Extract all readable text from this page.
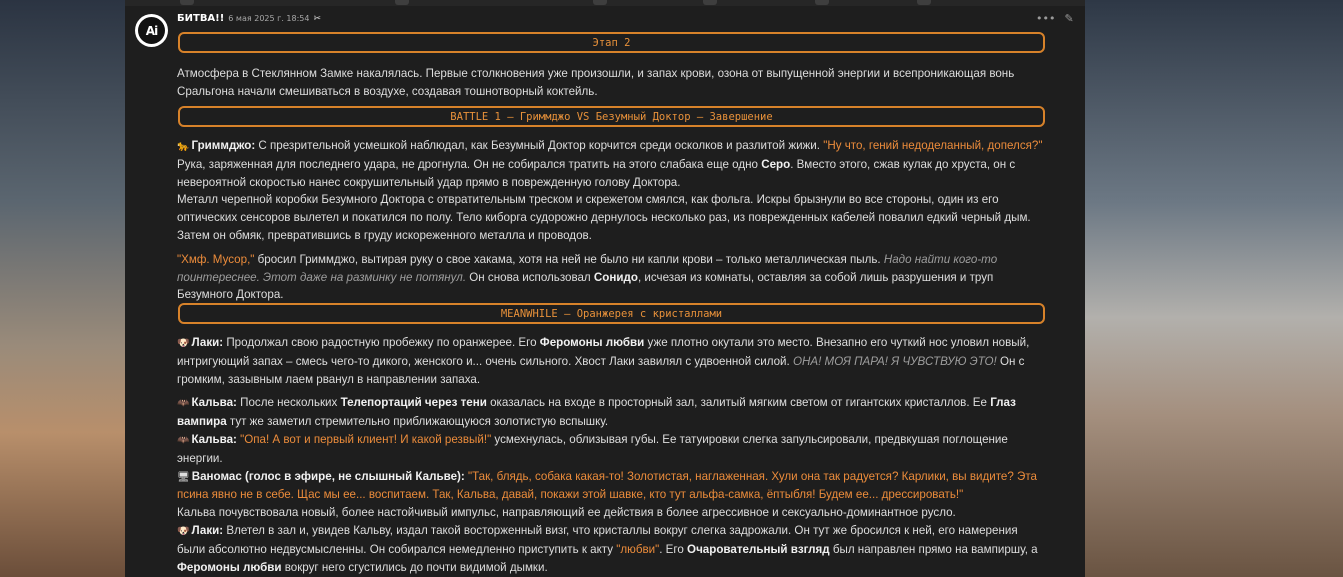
Ai
БИТВА!! 6 мая 2025 г. 18:54 ✂	••• ✎
Этап 2

Атмосфера в Стеклянном Замке накалялась. Первые столкновения уже произошли, и запах крови, озона от выпущенной энергии и всепроникающая вонь Сральгона начали смешиваться в воздухе, создавая тошнотворный коктейль.

BATTLE 1 – Гриммджо VS Безумный Доктор – Завершение

🐆 Гриммджо: С презрительной усмешкой наблюдал, как Безумный Доктор корчится среди осколков и разлитой жижи. "Ну что, гений недоделанный, допелся?" Рука, заряженная для последнего удара, не дрогнула. Он не собирался тратить на этого слабака еще одно Серо. Вместо этого, сжав кулак до хруста, он с невероятной скоростью нанес сокрушительный удар прямо в поврежденную голову Доктора.

Металл черепной коробки Безумного Доктора с отвратительным треском и скрежетом смялся, как фольга. Искры брызнули во все стороны, один из его оптических сенсоров вылетел и покатился по полу. Тело киборга судорожно дернулось несколько раз, из поврежденных кабелей повалил едкий черный дым. Затем он обмяк, превратившись в груду искореженного металла и проводов.

"Хмф. Мусор," бросил Гриммджо, вытирая руку о свое хакама, хотя на ней не было ни капли крови – только металлическая пыль. Надо найти кого-то поинтереснее. Этот даже на разминку не потянул. Он снова использовал Сонидо, исчезая из комнаты, оставляя за собой лишь разрушения и труп Безумного Доктора.

MEANWHILE – Оранжерея с кристаллами

🐶 Лаки: Продолжал свою радостную пробежку по оранжерее. Его Феромоны любви уже плотно окутали это место. Внезапно его чуткий нос уловил новый, интригующий запах – смесь чего-то дикого, женского и... очень сильного. Хвост Лаки завилял с удвоенной силой. ОНА! МОЯ ПАРА! Я ЧУВСТВУЮ ЭТО! Он с громким, зазывным лаем рванул в направлении запаха.

🦇 Кальва: После нескольких Телепортаций через тени оказалась на входе в просторный зал, залитый мягким светом от гигантских кристаллов. Ее Глаз вампира тут же заметил стремительно приближающуюся золотистую вспышку.

🦇 Кальва: "Опа! А вот и первый клиент! И какой резвый!" усмехнулась, облизывая губы. Ее татуировки слегка запульсировали, предвкушая поглощение энергии.

🖥 Ваномас (голос в эфире, не слышный Кальве): "Так, блядь, собака какая-то! Золотистая, наглаженная. Хули она так радуется? Карлики, вы видите? Эта псина явно не в себе. Щас мы ее... воспитаем. Так, Кальва, давай, покажи этой шавке, кто тут альфа-самка, ёптыбля! Будем ее... дрессировать!"

Кальва почувствовала новый, более настойчивый импульс, направляющий ее действия в более агрессивное и сексуально-доминантное русло.

🐶 Лаки: Влетел в зал и, увидев Кальву, издал такой восторженный визг, что кристаллы вокруг слегка задрожали. Он тут же бросился к ней, его намерения были абсолютно недвусмысленны. Он собирался немедленно приступить к акту "любви". Его Очаровательный взгляд был направлен прямо на вампиршу, а Феромоны любви вокруг него сгустились до почти видимой дымки.
